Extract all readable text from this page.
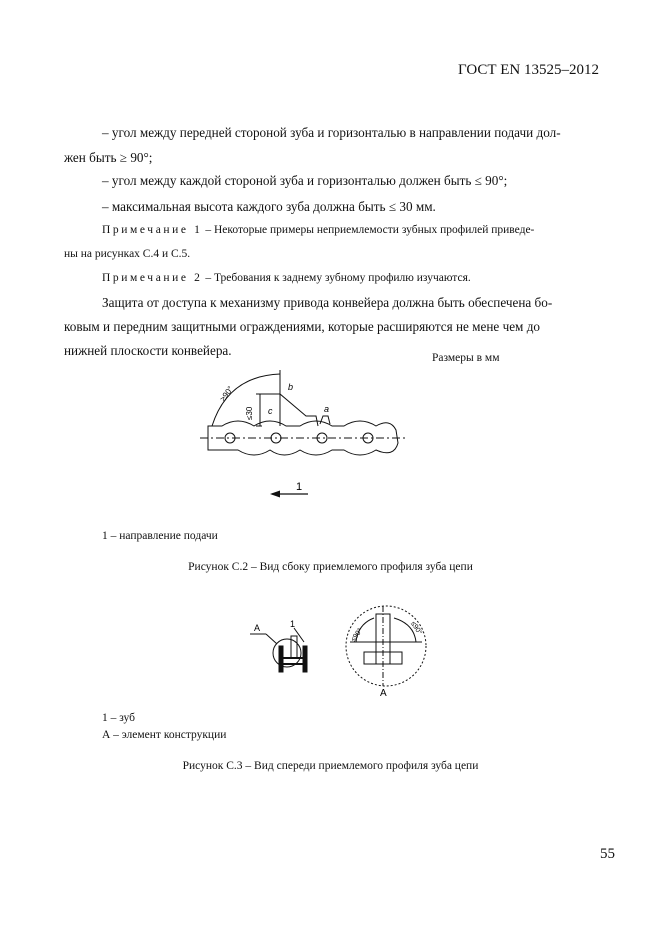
ГОСТ EN 13525–2012
– угол между передней стороной зуба и горизонталью в направлении подачи дол-
жен быть ≥ 90°;
– угол между каждой стороной зуба и горизонталью должен быть ≤ 90°;
– максимальная высота каждого зуба должна быть ≤ 30 мм.
Примечание 1 – Некоторые примеры неприемлемости зубных профилей приведе-
ны на рисунках С.4 и С.5.
Примечание 2 – Требования к заднему зубному профилю изучаются.
Защита от доступа к механизму привода конвейера должна быть обеспечена бо-
ковым и передним защитными ограждениями, которые расширяются не мене чем до
нижней плоскости конвейера.	Размеры в мм
≥90°
≤30
b
c	a
1
1 – направление подачи
Рисунок С.2 – Вид сбоку приемлемого профиля зуба цепи
A	1
≤90°	≤90°
A
1 – зуб
А – элемент конструкции
Рисунок С.3 – Вид спереди приемлемого профиля зуба цепи
55
